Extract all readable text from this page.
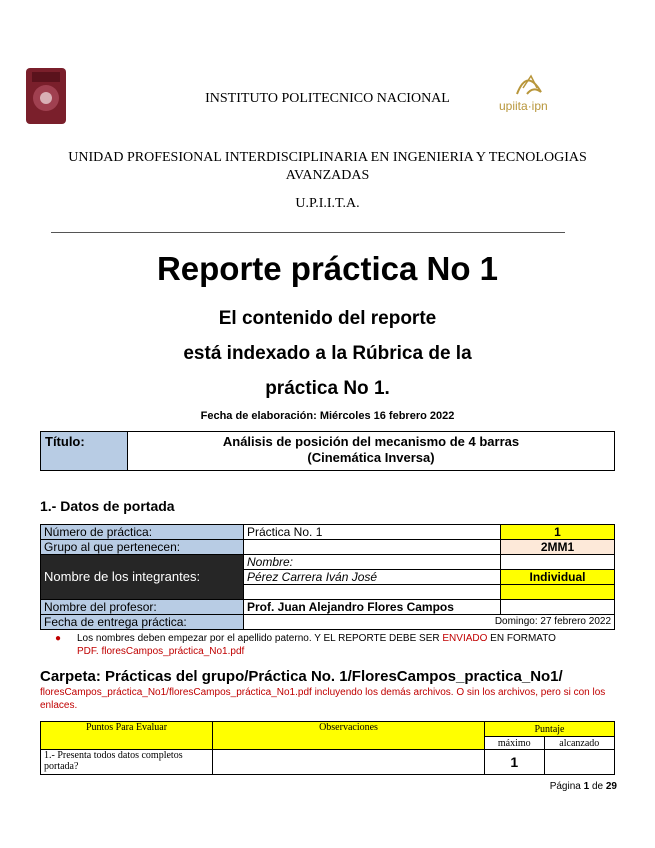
upiita·ipn
INSTITUTO POLITECNICO NACIONAL
UNIDAD PROFESIONAL INTERDISCIPLINARIA EN INGENIERIA Y TECNOLOGIAS AVANZADAS
U.P.I.I.T.A.
Reporte práctica No 1
El contenido del reporte
está indexado a la Rúbrica de la
práctica No 1.
Fecha de elaboración: Miércoles 16 febrero 2022
Título:	Análisis de posición del mecanismo de 4 barras
(Cinemática Inversa)
1.- Datos de portada
Número de práctica:	Práctica No. 1	1
Grupo al que pertenecen:		2MM1
Nombre de los integrantes:	Nombre:	
	Pérez Carrera Iván José	Individual

Nombre del profesor:	Prof. Juan Alejandro Flores Campos	
Fecha de entrega práctica:	Domingo: 27 febrero 2022	
● Los nombres deben empezar por el apellido paterno. Y EL REPORTE DEBE SER ENVIADO EN FORMATO
PDF. floresCampos_práctica_No1.pdf
Carpeta: Prácticas del grupo/Práctica No. 1/FloresCampos_practica_No1/
floresCampos_práctica_No1/floresCampos_práctica_No1.pdf incluyendo los demás archivos. O sin los archivos, pero si con los enlaces.
Puntos Para Evaluar	Observaciones	Puntaje	
		máximo	alcanzado
1.- Presenta todos datos completos portada?		1	
Página 1 de 29
